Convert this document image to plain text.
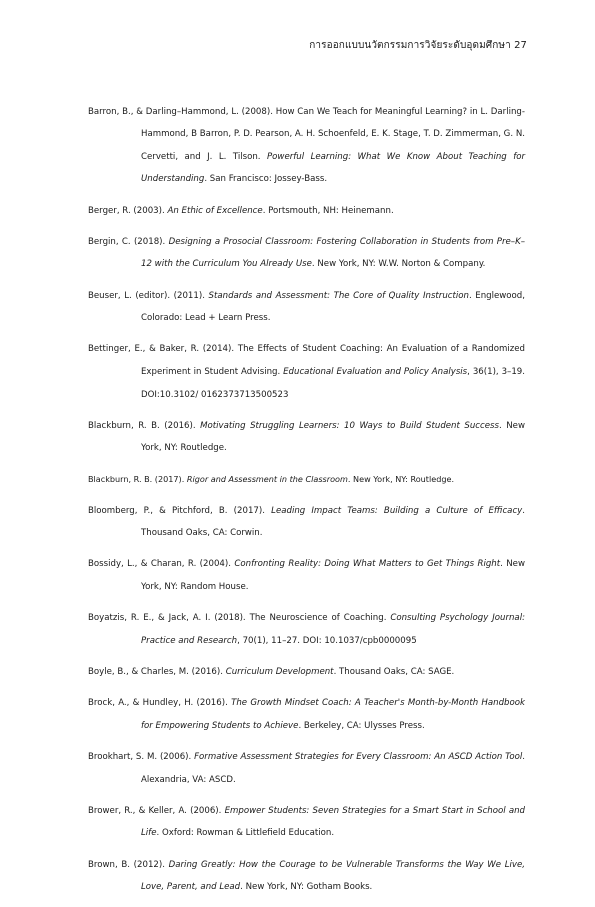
การออกแบบนวัตกรรมการวิจัยระดับอุดมศึกษา 27

Barron, B., & Darling–Hammond, L. (2008). How Can We Teach for Meaningful Learning? in L. Darling-Hammond, B Barron, P. D. Pearson, A. H. Schoenfeld, E. K. Stage, T. D. Zimmerman, G. N. Cervetti, and J. L. Tilson. Powerful Learning: What We Know About Teaching for Understanding. San Francisco: Jossey-Bass.

Berger, R. (2003). An Ethic of Excellence. Portsmouth, NH: Heinemann.

Bergin, C. (2018). Designing a Prosocial Classroom: Fostering Collaboration in Students from Pre–K–12 with the Curriculum You Already Use. New York, NY: W.W. Norton & Company.

Beuser, L. (editor). (2011). Standards and Assessment: The Core of Quality Instruction. Englewood, Colorado: Lead + Learn Press.

Bettinger, E., & Baker, R. (2014). The Effects of Student Coaching: An Evaluation of a Randomized Experiment in Student Advising. Educational Evaluation and Policy Analysis, 36(1), 3–19. DOI:10.3102/ 0162373713500523

Blackburn, R. B. (2016). Motivating Struggling Learners: 10 Ways to Build Student Success. New York, NY: Routledge.

Blackburn, R. B. (2017). Rigor and Assessment in the Classroom. New York, NY: Routledge.

Bloomberg, P., & Pitchford, B. (2017). Leading Impact Teams: Building a Culture of Efficacy. Thousand Oaks, CA: Corwin.

Bossidy, L., & Charan, R. (2004). Confronting Reality: Doing What Matters to Get Things Right. New York, NY: Random House.

Boyatzis, R. E., & Jack, A. I. (2018). The Neuroscience of Coaching. Consulting Psychology Journal: Practice and Research, 70(1), 11–27. DOI: 10.1037/cpb0000095

Boyle, B., & Charles, M. (2016). Curriculum Development. Thousand Oaks, CA: SAGE.

Brock, A., & Hundley, H. (2016). The Growth Mindset Coach: A Teacher's Month-by-Month Handbook for Empowering Students to Achieve. Berkeley, CA: Ulysses Press.

Brookhart, S. M. (2006). Formative Assessment Strategies for Every Classroom: An ASCD Action Tool. Alexandria, VA: ASCD.

Brower, R., & Keller, A. (2006). Empower Students: Seven Strategies for a Smart Start in School and Life. Oxford: Rowman & Littlefield Education.

Brown, B. (2012). Daring Greatly: How the Courage to be Vulnerable Transforms the Way We Live, Love, Parent, and Lead. New York, NY: Gotham Books.
